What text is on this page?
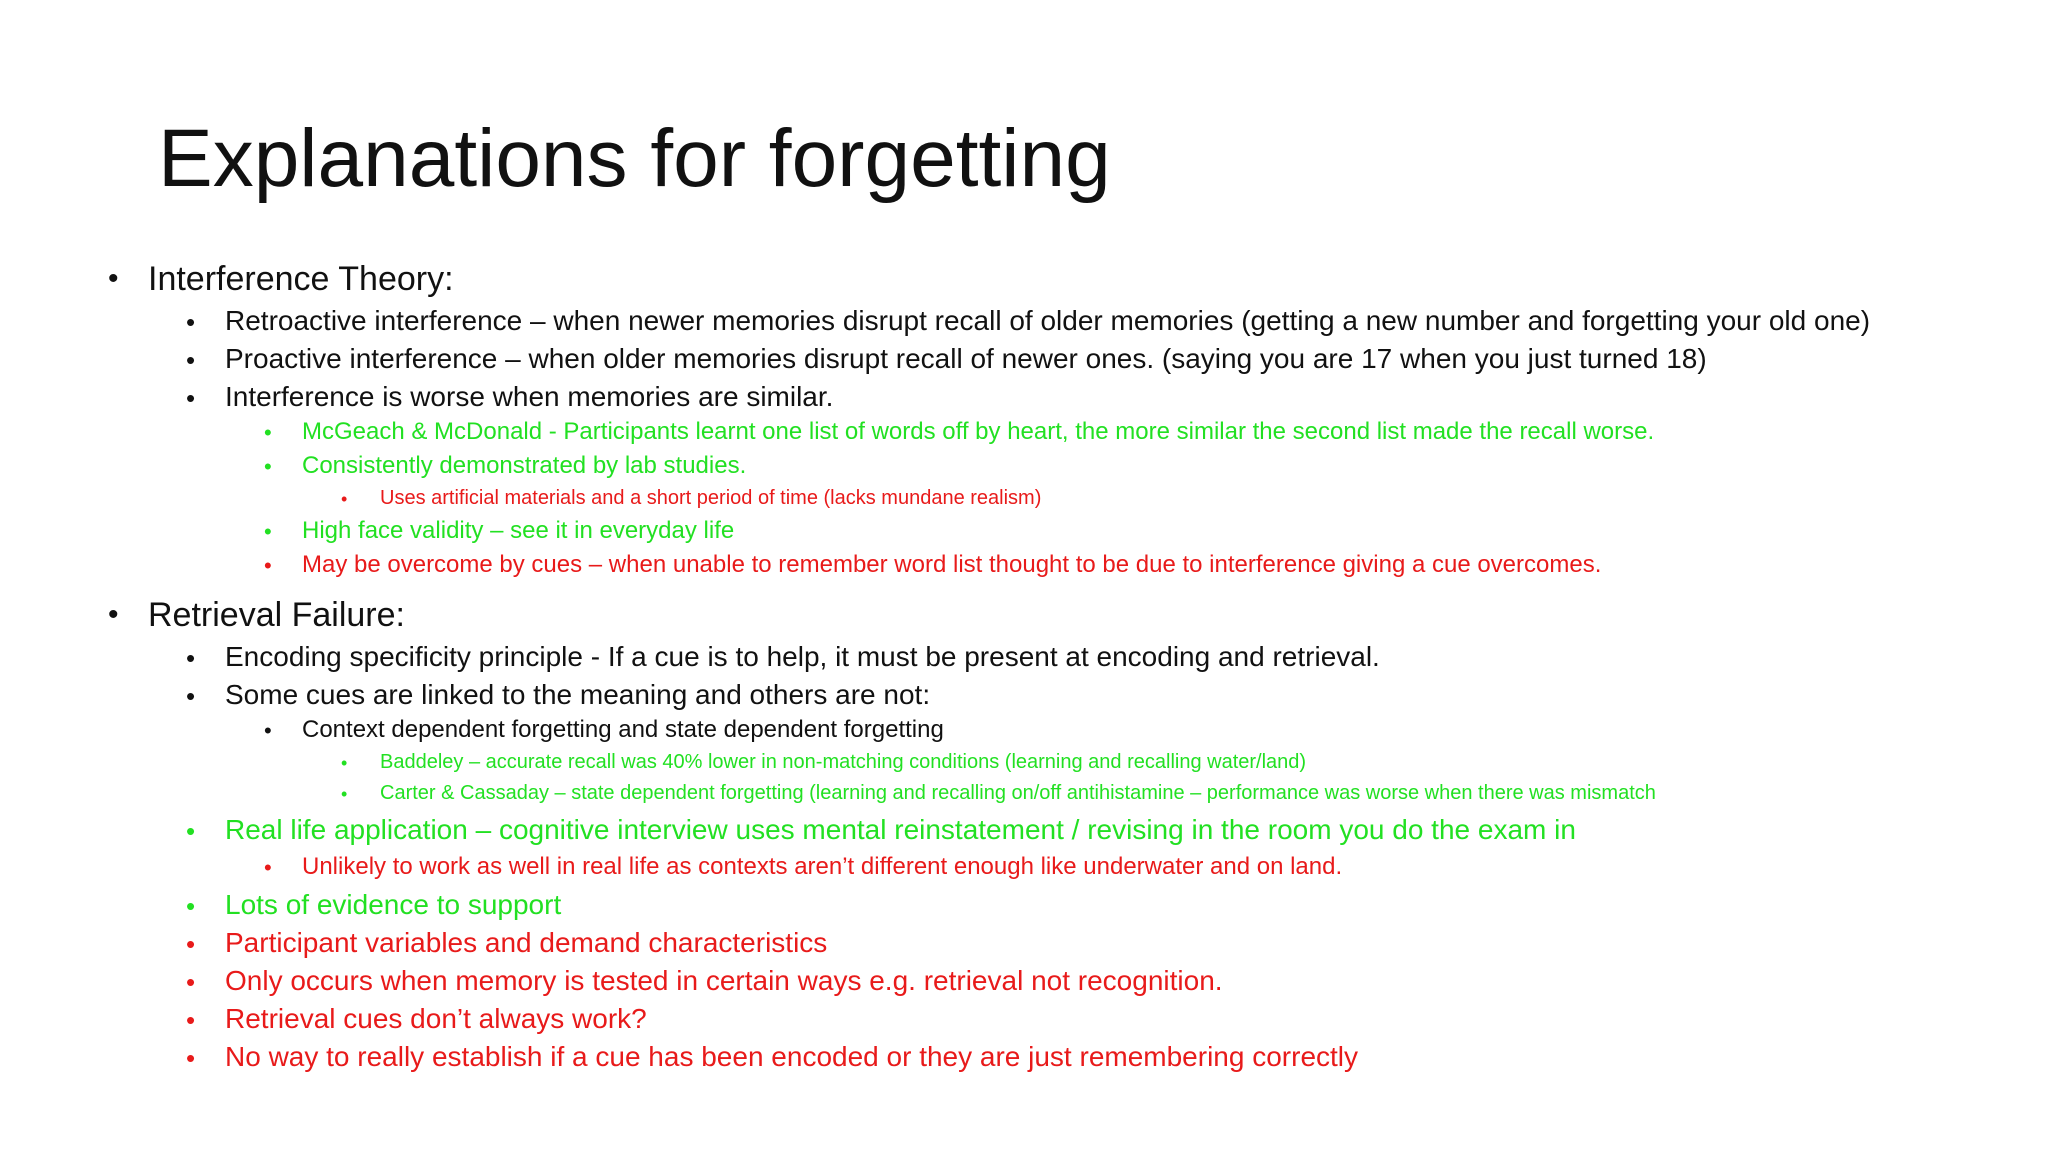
Explanations for forgetting
• Interference Theory:
• Retroactive interference – when newer memories disrupt recall of older memories (getting a new number and forgetting your old one)
• Proactive interference – when older memories disrupt recall of newer ones. (saying you are 17 when you just turned 18)
• Interference is worse when memories are similar.
• McGeach & McDonald - Participants learnt one list of words off by heart, the more similar the second list made the recall worse.
• Consistently demonstrated by lab studies.
• Uses artificial materials and a short period of time (lacks mundane realism)
• High face validity – see it in everyday life
• May be overcome by cues – when unable to remember word list thought to be due to interference giving a cue overcomes.
• Retrieval Failure:
• Encoding specificity principle - If a cue is to help, it must be present at encoding and retrieval.
• Some cues are linked to the meaning and others are not:
• Context dependent forgetting and state dependent forgetting
• Baddeley – accurate recall was 40% lower in non-matching conditions (learning and recalling water/land)
• Carter & Cassaday – state dependent forgetting (learning and recalling on/off antihistamine – performance was worse when there was mismatch
• Real life application – cognitive interview uses mental reinstatement / revising in the room you do the exam in
• Unlikely to work as well in real life as contexts aren’t different enough like underwater and on land.
• Lots of evidence to support
• Participant variables and demand characteristics
• Only occurs when memory is tested in certain ways e.g. retrieval not recognition.
• Retrieval cues don’t always work?
• No way to really establish if a cue has been encoded or they are just remembering correctly
